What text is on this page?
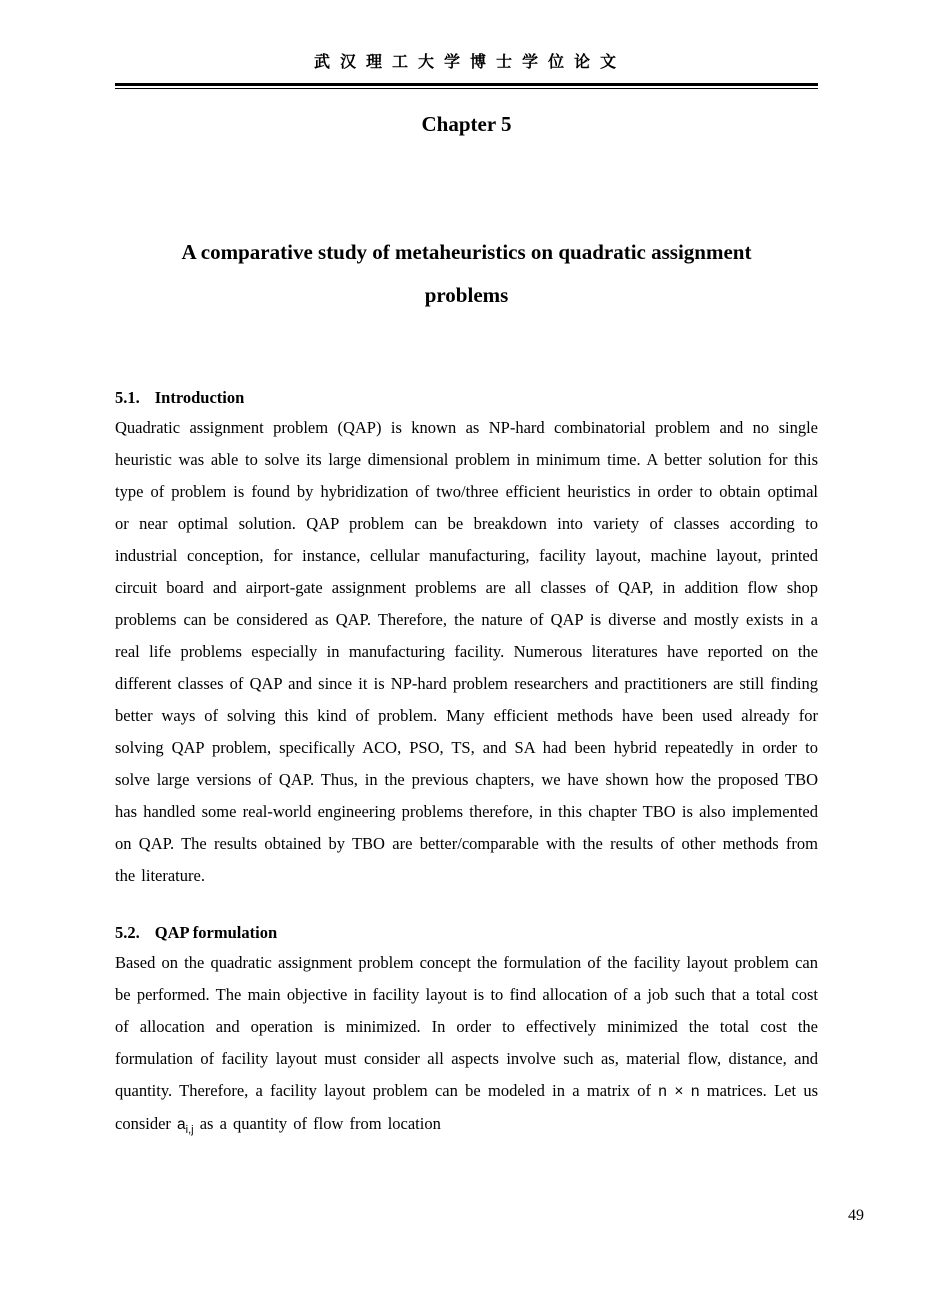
武 汉 理 工 大 学 博 士 学 位 论 文
Chapter 5
A comparative study of metaheuristics on quadratic assignment
problems
5.1. Introduction

Quadratic assignment problem (QAP) is known as NP-hard combinatorial problem and no single heuristic was able to solve its large dimensional problem in minimum time. A better solution for this type of problem is found by hybridization of two/three efficient heuristics in order to obtain optimal or near optimal solution. QAP problem can be breakdown into variety of classes according to industrial conception, for instance, cellular manufacturing, facility layout, machine layout, printed circuit board and airport-gate assignment problems are all classes of QAP, in addition flow shop problems can be considered as QAP. Therefore, the nature of QAP is diverse and mostly exists in a real life problems especially in manufacturing facility. Numerous literatures have reported on the different classes of QAP and since it is NP-hard problem researchers and practitioners are still finding better ways of solving this kind of problem. Many efficient methods have been used already for solving QAP problem, specifically ACO, PSO, TS, and SA had been hybrid repeatedly in order to solve large versions of QAP. Thus, in the previous chapters, we have shown how the proposed TBO has handled some real-world engineering problems therefore, in this chapter TBO is also implemented on QAP. The results obtained by TBO are better/comparable with the results of other methods from the literature.

5.2. QAP formulation

Based on the quadratic assignment problem concept the formulation of the facility layout problem can be performed. The main objective in facility layout is to find allocation of a job such that a total cost of allocation and operation is minimized. In order to effectively minimized the total cost the formulation of facility layout must consider all aspects involve such as, material flow, distance, and quantity. Therefore, a facility layout problem can be modeled in a matrix of n × n matrices. Let us consider $a_{i,j}$ as a quantity of flow from location

49
